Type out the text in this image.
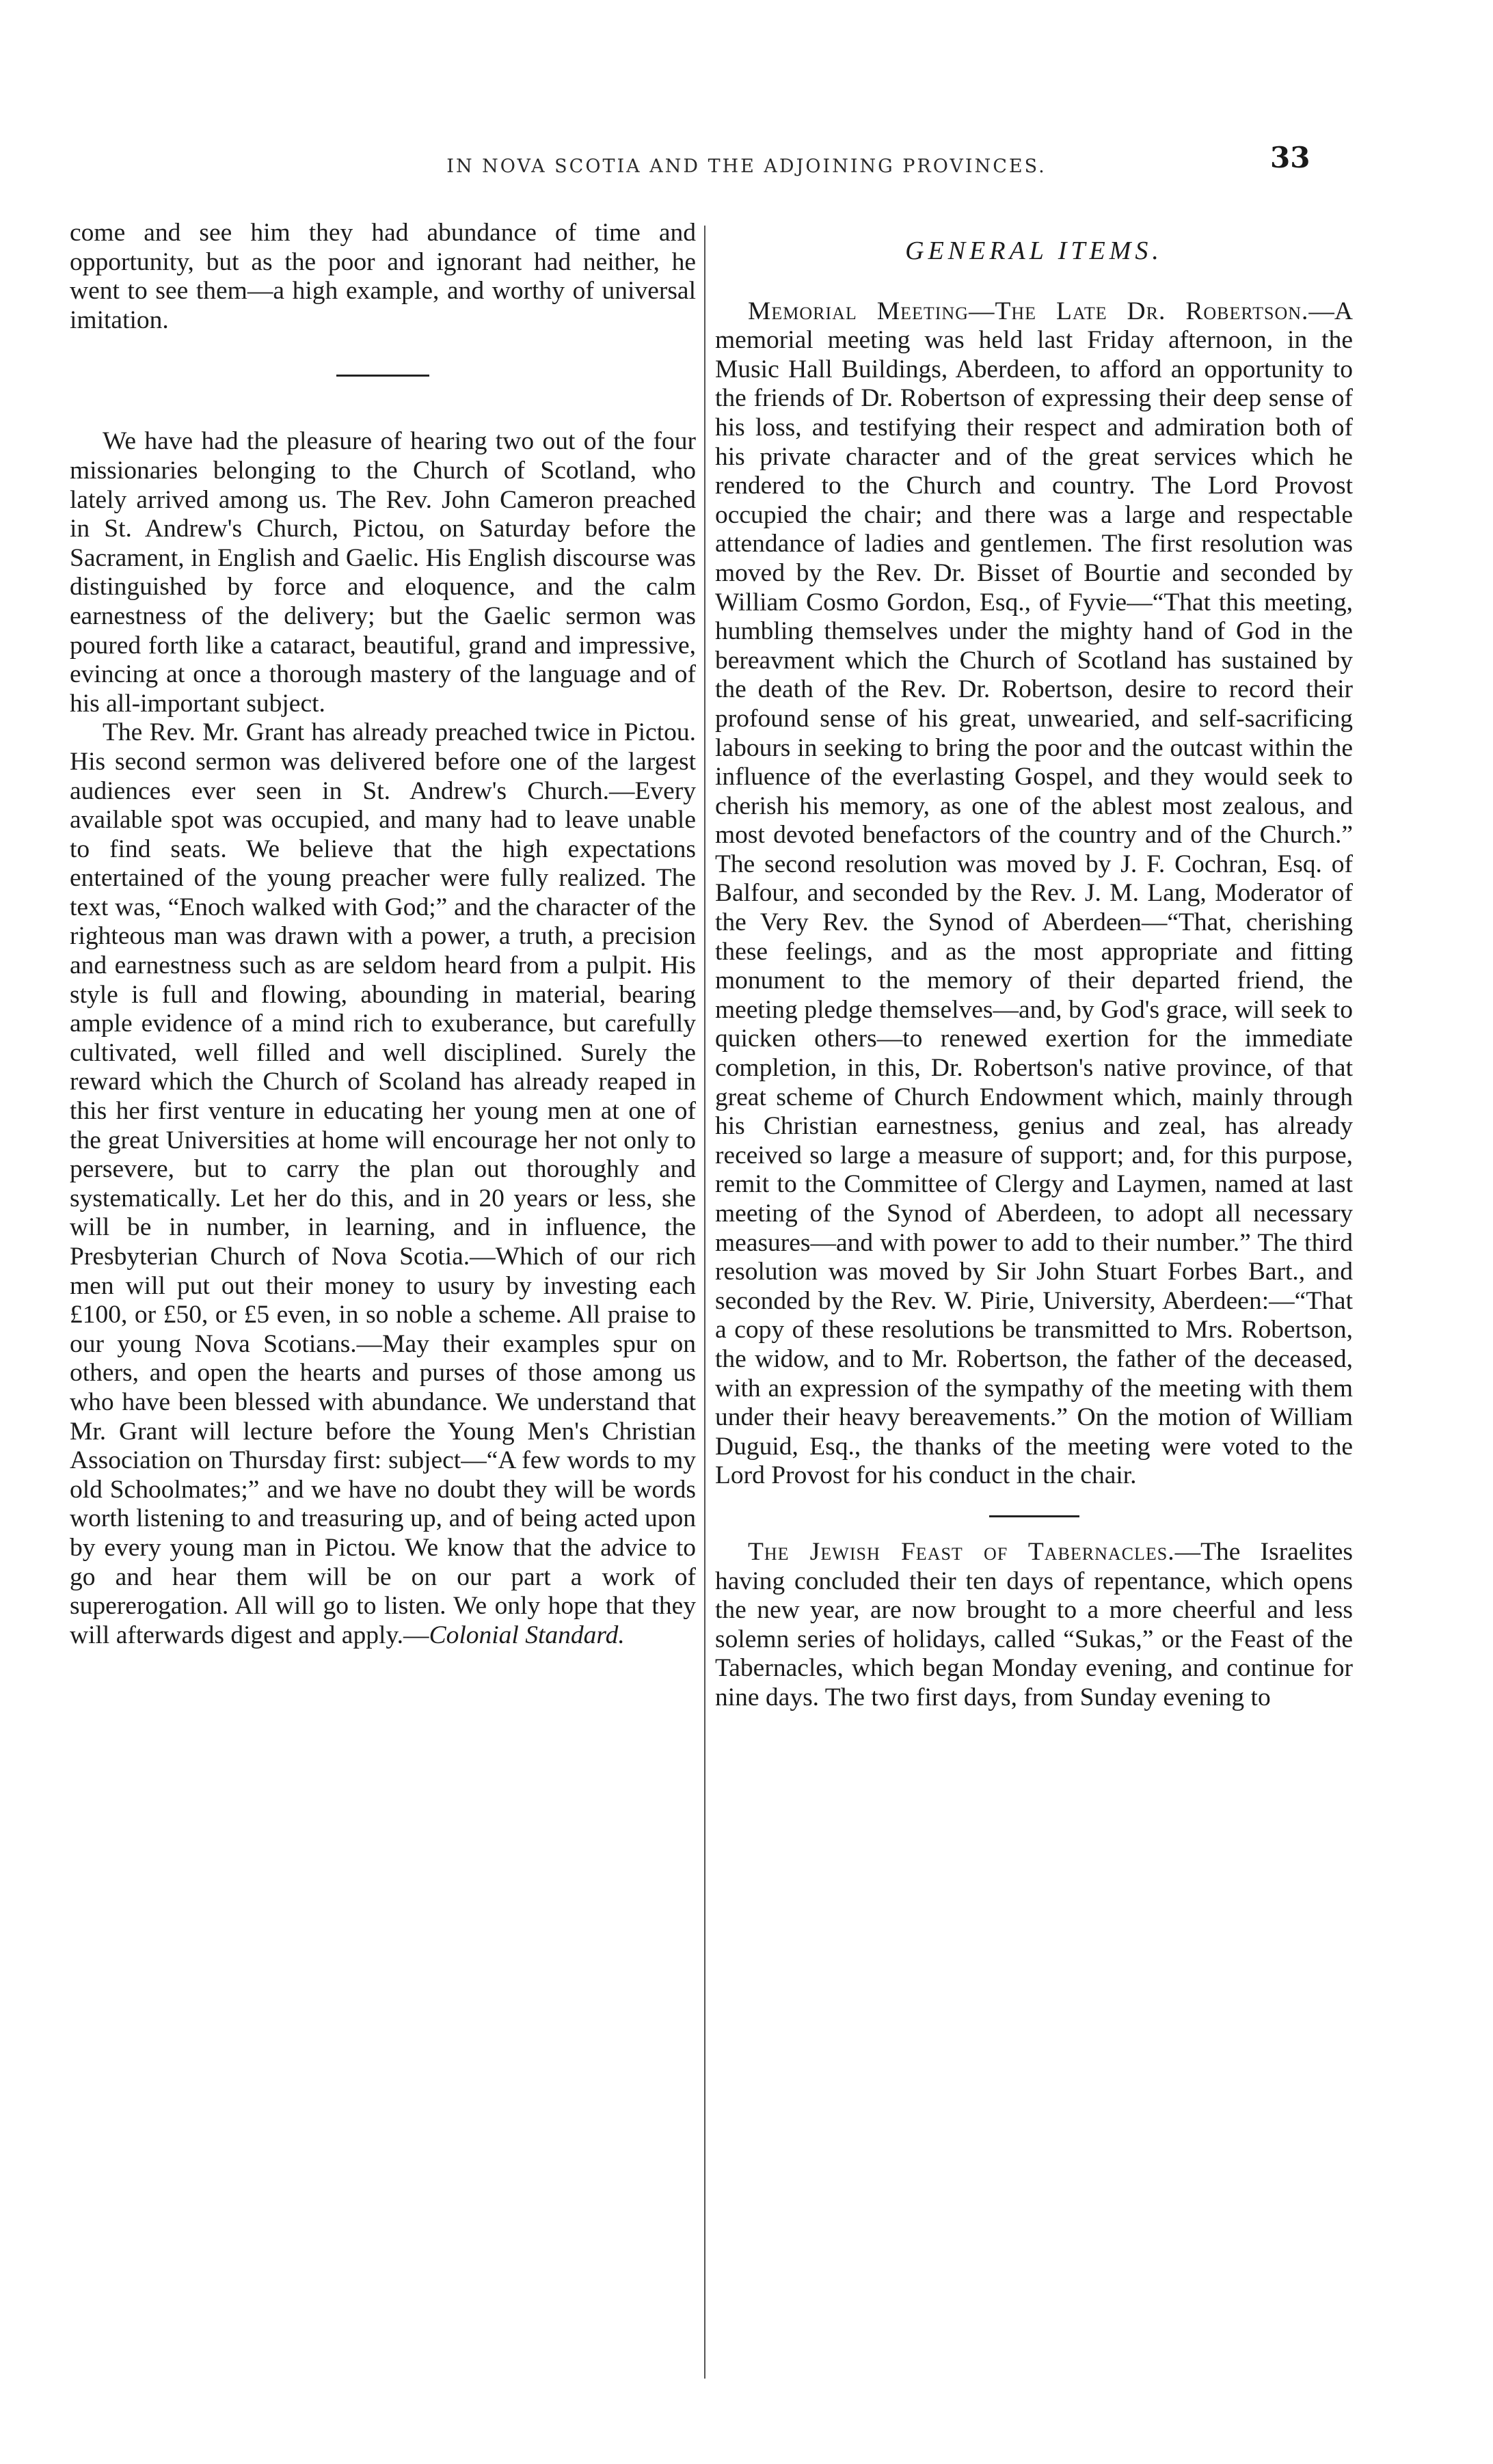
IN NOVA SCOTIA AND THE ADJOINING PROVINCES.	33

come and see him they had abundance of time and opportunity, but as the poor and ignorant had neither, he went to see them—a high example, and worthy of universal imitation.

We have had the pleasure of hearing two out of the four missionaries belonging to the Church of Scotland, who lately arrived among us. The Rev. John Cameron preached in St. Andrew's Church, Pictou, on Saturday before the Sacrament, in English and Gaelic. His English discourse was distinguished by force and eloquence, and the calm earnestness of the delivery; but the Gaelic sermon was poured forth like a cataract, beautiful, grand and impressive, evincing at once a thorough mastery of the language and of his all-important subject.

The Rev. Mr. Grant has already preached twice in Pictou. His second sermon was delivered before one of the largest audiences ever seen in St. Andrew's Church.—Every available spot was occupied, and many had to leave unable to find seats. We believe that the high expectations entertained of the young preacher were fully realized. The text was, “Enoch walked with God;” and the character of the righteous man was drawn with a power, a truth, a precision and earnestness such as are seldom heard from a pulpit. His style is full and flowing, abounding in material, bearing ample evidence of a mind rich to exuberance, but carefully cultivated, well filled and well disciplined. Surely the reward which the Church of Scoland has already reaped in this her first venture in educating her young men at one of the great Universities at home will encourage her not only to persevere, but to carry the plan out thoroughly and systematically. Let her do this, and in 20 years or less, she will be in number, in learning, and in influence, the Presbyterian Church of Nova Scotia.—Which of our rich men will put out their money to usury by investing each £100, or £50, or £5 even, in so noble a scheme. All praise to our young Nova Scotians.—May their examples spur on others, and open the hearts and purses of those among us who have been blessed with abundance. We understand that Mr. Grant will lecture before the Young Men's Christian Association on Thursday first: subject—“A few words to my old Schoolmates;” and we have no doubt they will be words worth listening to and treasuring up, and of being acted upon by every young man in Pictou. We know that the advice to go and hear them will be on our part a work of supererogation. All will go to listen. We only hope that they will afterwards digest and apply.—Colonial Standard.

GENERAL ITEMS.

Memorial Meeting—The Late Dr. Robertson.—A memorial meeting was held last Friday afternoon, in the Music Hall Buildings, Aberdeen, to afford an opportunity to the friends of Dr. Robertson of expressing their deep sense of his loss, and testifying their respect and admiration both of his private character and of the great services which he rendered to the Church and country. The Lord Provost occupied the chair; and there was a large and respectable attendance of ladies and gentlemen. The first resolution was moved by the Rev. Dr. Bisset of Bourtie and seconded by William Cosmo Gordon, Esq., of Fyvie—“That this meeting, humbling themselves under the mighty hand of God in the bereavment which the Church of Scotland has sustained by the death of the Rev. Dr. Robertson, desire to record their profound sense of his great, unwearied, and self-sacrificing labours in seeking to bring the poor and the outcast within the influence of the everlasting Gospel, and they would seek to cherish his memory, as one of the ablest most zealous, and most devoted benefactors of the country and of the Church.” The second resolution was moved by J. F. Cochran, Esq. of Balfour, and seconded by the Rev. J. M. Lang, Moderator of the Very Rev. the Synod of Aberdeen—“That, cherishing these feelings, and as the most appropriate and fitting monument to the memory of their departed friend, the meeting pledge themselves—and, by God's grace, will seek to quicken others—to renewed exertion for the immediate completion, in this, Dr. Robertson's native province, of that great scheme of Church Endowment which, mainly through his Christian earnestness, genius and zeal, has already received so large a measure of support; and, for this purpose, remit to the Committee of Clergy and Laymen, named at last meeting of the Synod of Aberdeen, to adopt all necessary measures—and with power to add to their number.” The third resolution was moved by Sir John Stuart Forbes Bart., and seconded by the Rev. W. Pirie, University, Aberdeen:—“That a copy of these resolutions be transmitted to Mrs. Robertson, the widow, and to Mr. Robertson, the father of the deceased, with an expression of the sympathy of the meeting with them under their heavy bereavements.” On the motion of William Duguid, Esq., the thanks of the meeting were voted to the Lord Provost for his conduct in the chair.

The Jewish Feast of Tabernacles.—The Israelites having concluded their ten days of repentance, which opens the new year, are now brought to a more cheerful and less solemn series of holidays, called “Sukas,” or the Feast of the Tabernacles, which began Monday evening, and continue for nine days. The two first days, from Sunday evening to
